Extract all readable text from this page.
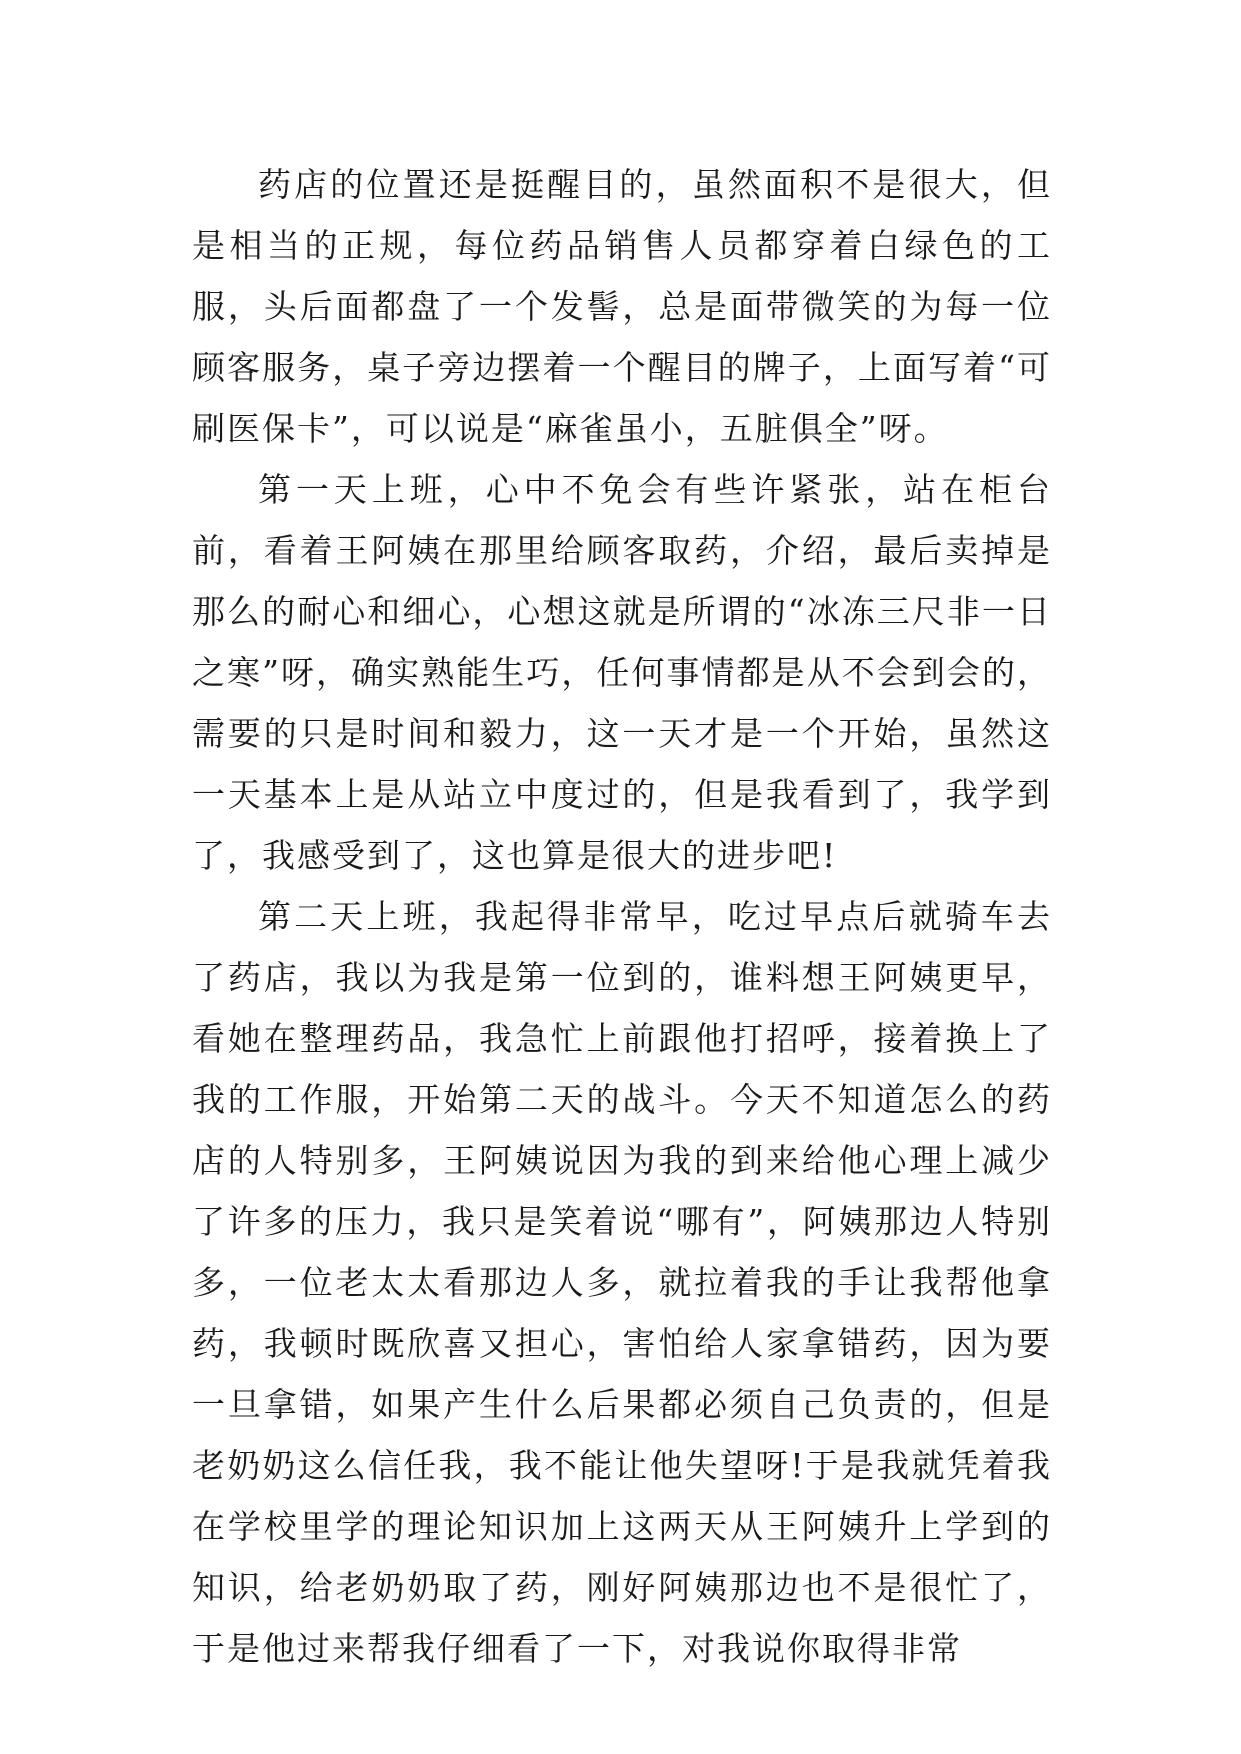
药店的位置还是挺醒目的，虽然面积不是很大，但是相当的正规，每位药品销售人员都穿着白绿色的工服，头后面都盘了一个发髻，总是面带微笑的为每一位顾客服务，桌子旁边摆着一个醒目的牌子，上面写着“可刷医保卡”，可以说是“麻雀虽小，五脏俱全”呀。

第一天上班，心中不免会有些许紧张，站在柜台前，看着王阿姨在那里给顾客取药，介绍，最后卖掉是那么的耐心和细心，心想这就是所谓的“冰冻三尺非一日之寒”呀，确实熟能生巧，任何事情都是从不会到会的，需要的只是时间和毅力，这一天才是一个开始，虽然这一天基本上是从站立中度过的，但是我看到了，我学到了，我感受到了，这也算是很大的进步吧!

第二天上班，我起得非常早，吃过早点后就骑车去了药店，我以为我是第一位到的，谁料想王阿姨更早，看她在整理药品，我急忙上前跟他打招呼，接着换上了我的工作服，开始第二天的战斗。今天不知道怎么的药店的人特别多，王阿姨说因为我的到来给他心理上减少了许多的压力，我只是笑着说“哪有”，阿姨那边人特别多，一位老太太看那边人多，就拉着我的手让我帮他拿药，我顿时既欣喜又担心，害怕给人家拿错药，因为要一旦拿错，如果产生什么后果都必须自己负责的，但是老奶奶这么信任我，我不能让他失望呀!于是我就凭着我在学校里学的理论知识加上这两天从王阿姨升上学到的知识，给老奶奶取了药，刚好阿姨那边也不是很忙了，于是他过来帮我仔细看了一下，对我说你取得非常
